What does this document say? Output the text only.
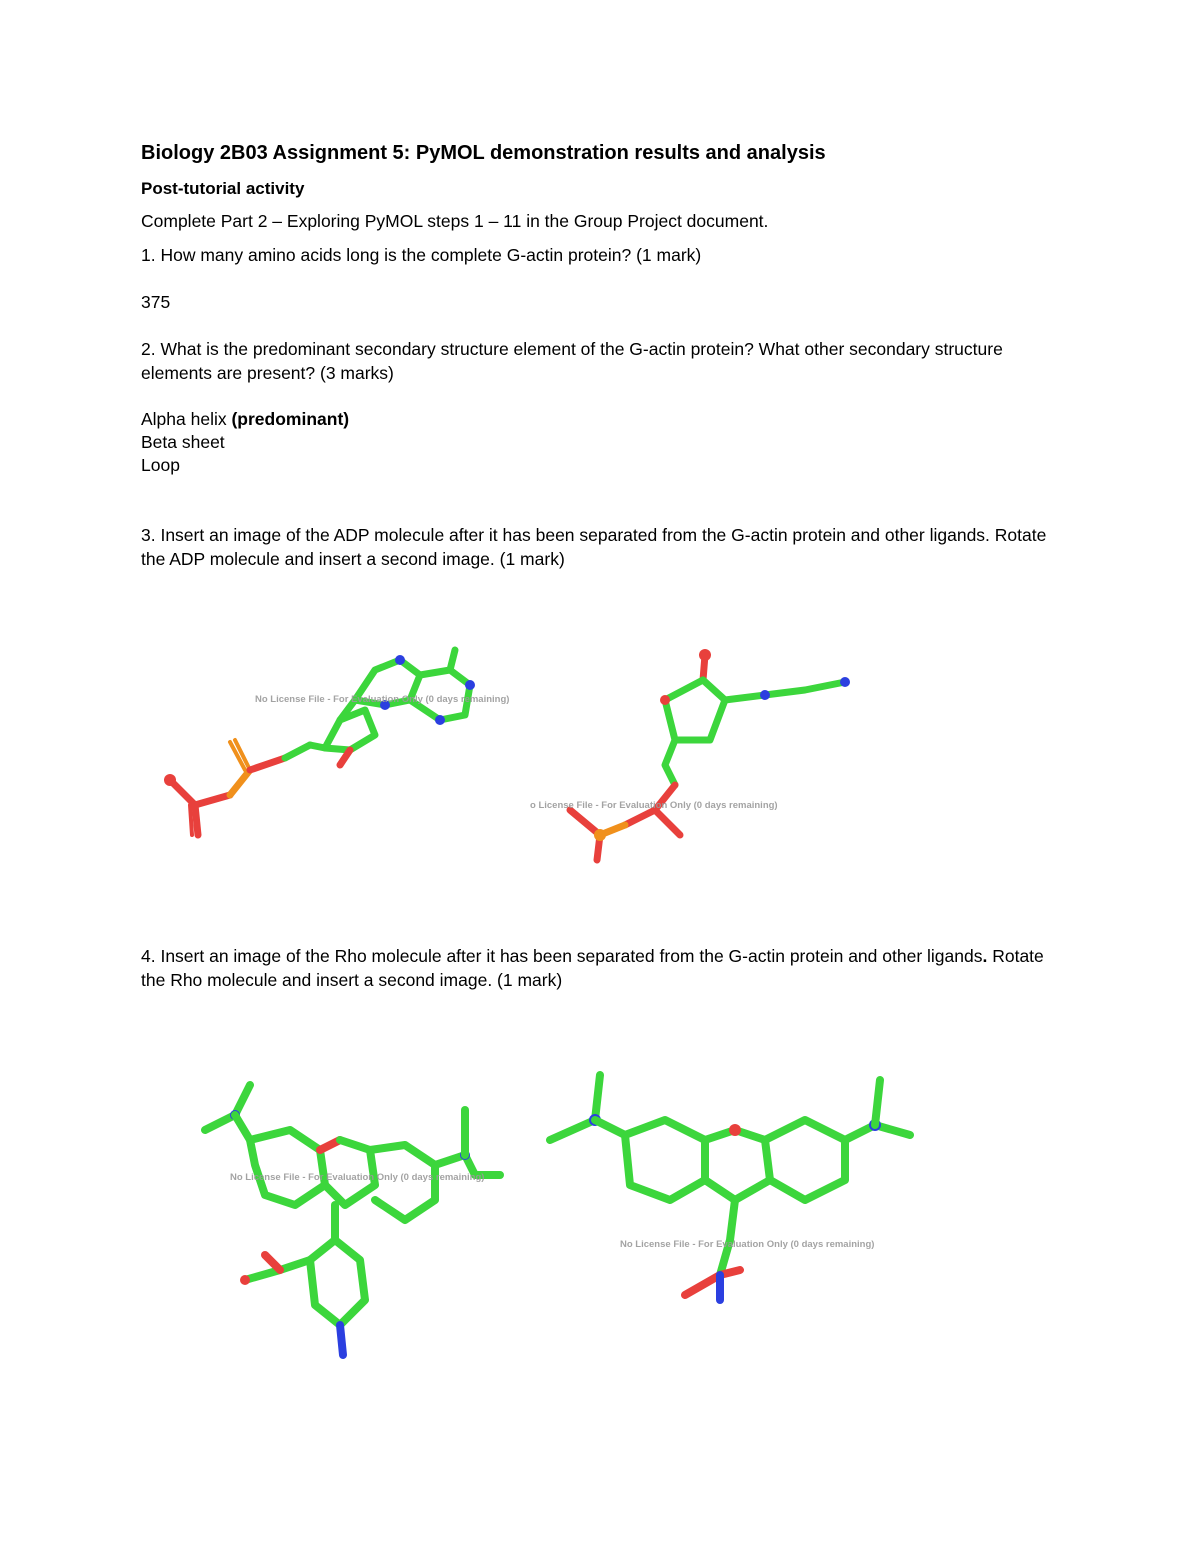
Biology 2B03 Assignment 5: PyMOL demonstration results and analysis
Post-tutorial activity
Complete Part 2 – Exploring PyMOL steps 1 – 11 in the Group Project document.
1. How many amino acids long is the complete G-actin protein? (1 mark)
375
2. What is the predominant secondary structure element of the G-actin protein? What other secondary structure elements are present? (3 marks)
Alpha helix (predominant)
Beta sheet
Loop
3. Insert an image of the ADP molecule after it has been separated from the G-actin protein and other ligands. Rotate the ADP molecule and insert a second image. (1 mark)
4. Insert an image of the Rho molecule after it has been separated from the G-actin protein and other ligands. Rotate the Rho molecule and insert a second image. (1 mark)
No License File - For Evaluation Only (0 days remaining)
o License File - For Evaluation Only (0 days remaining)
No License File - For Evaluation Only (0 days remaining)
No License File - For Evaluation Only (0 days remaining)
